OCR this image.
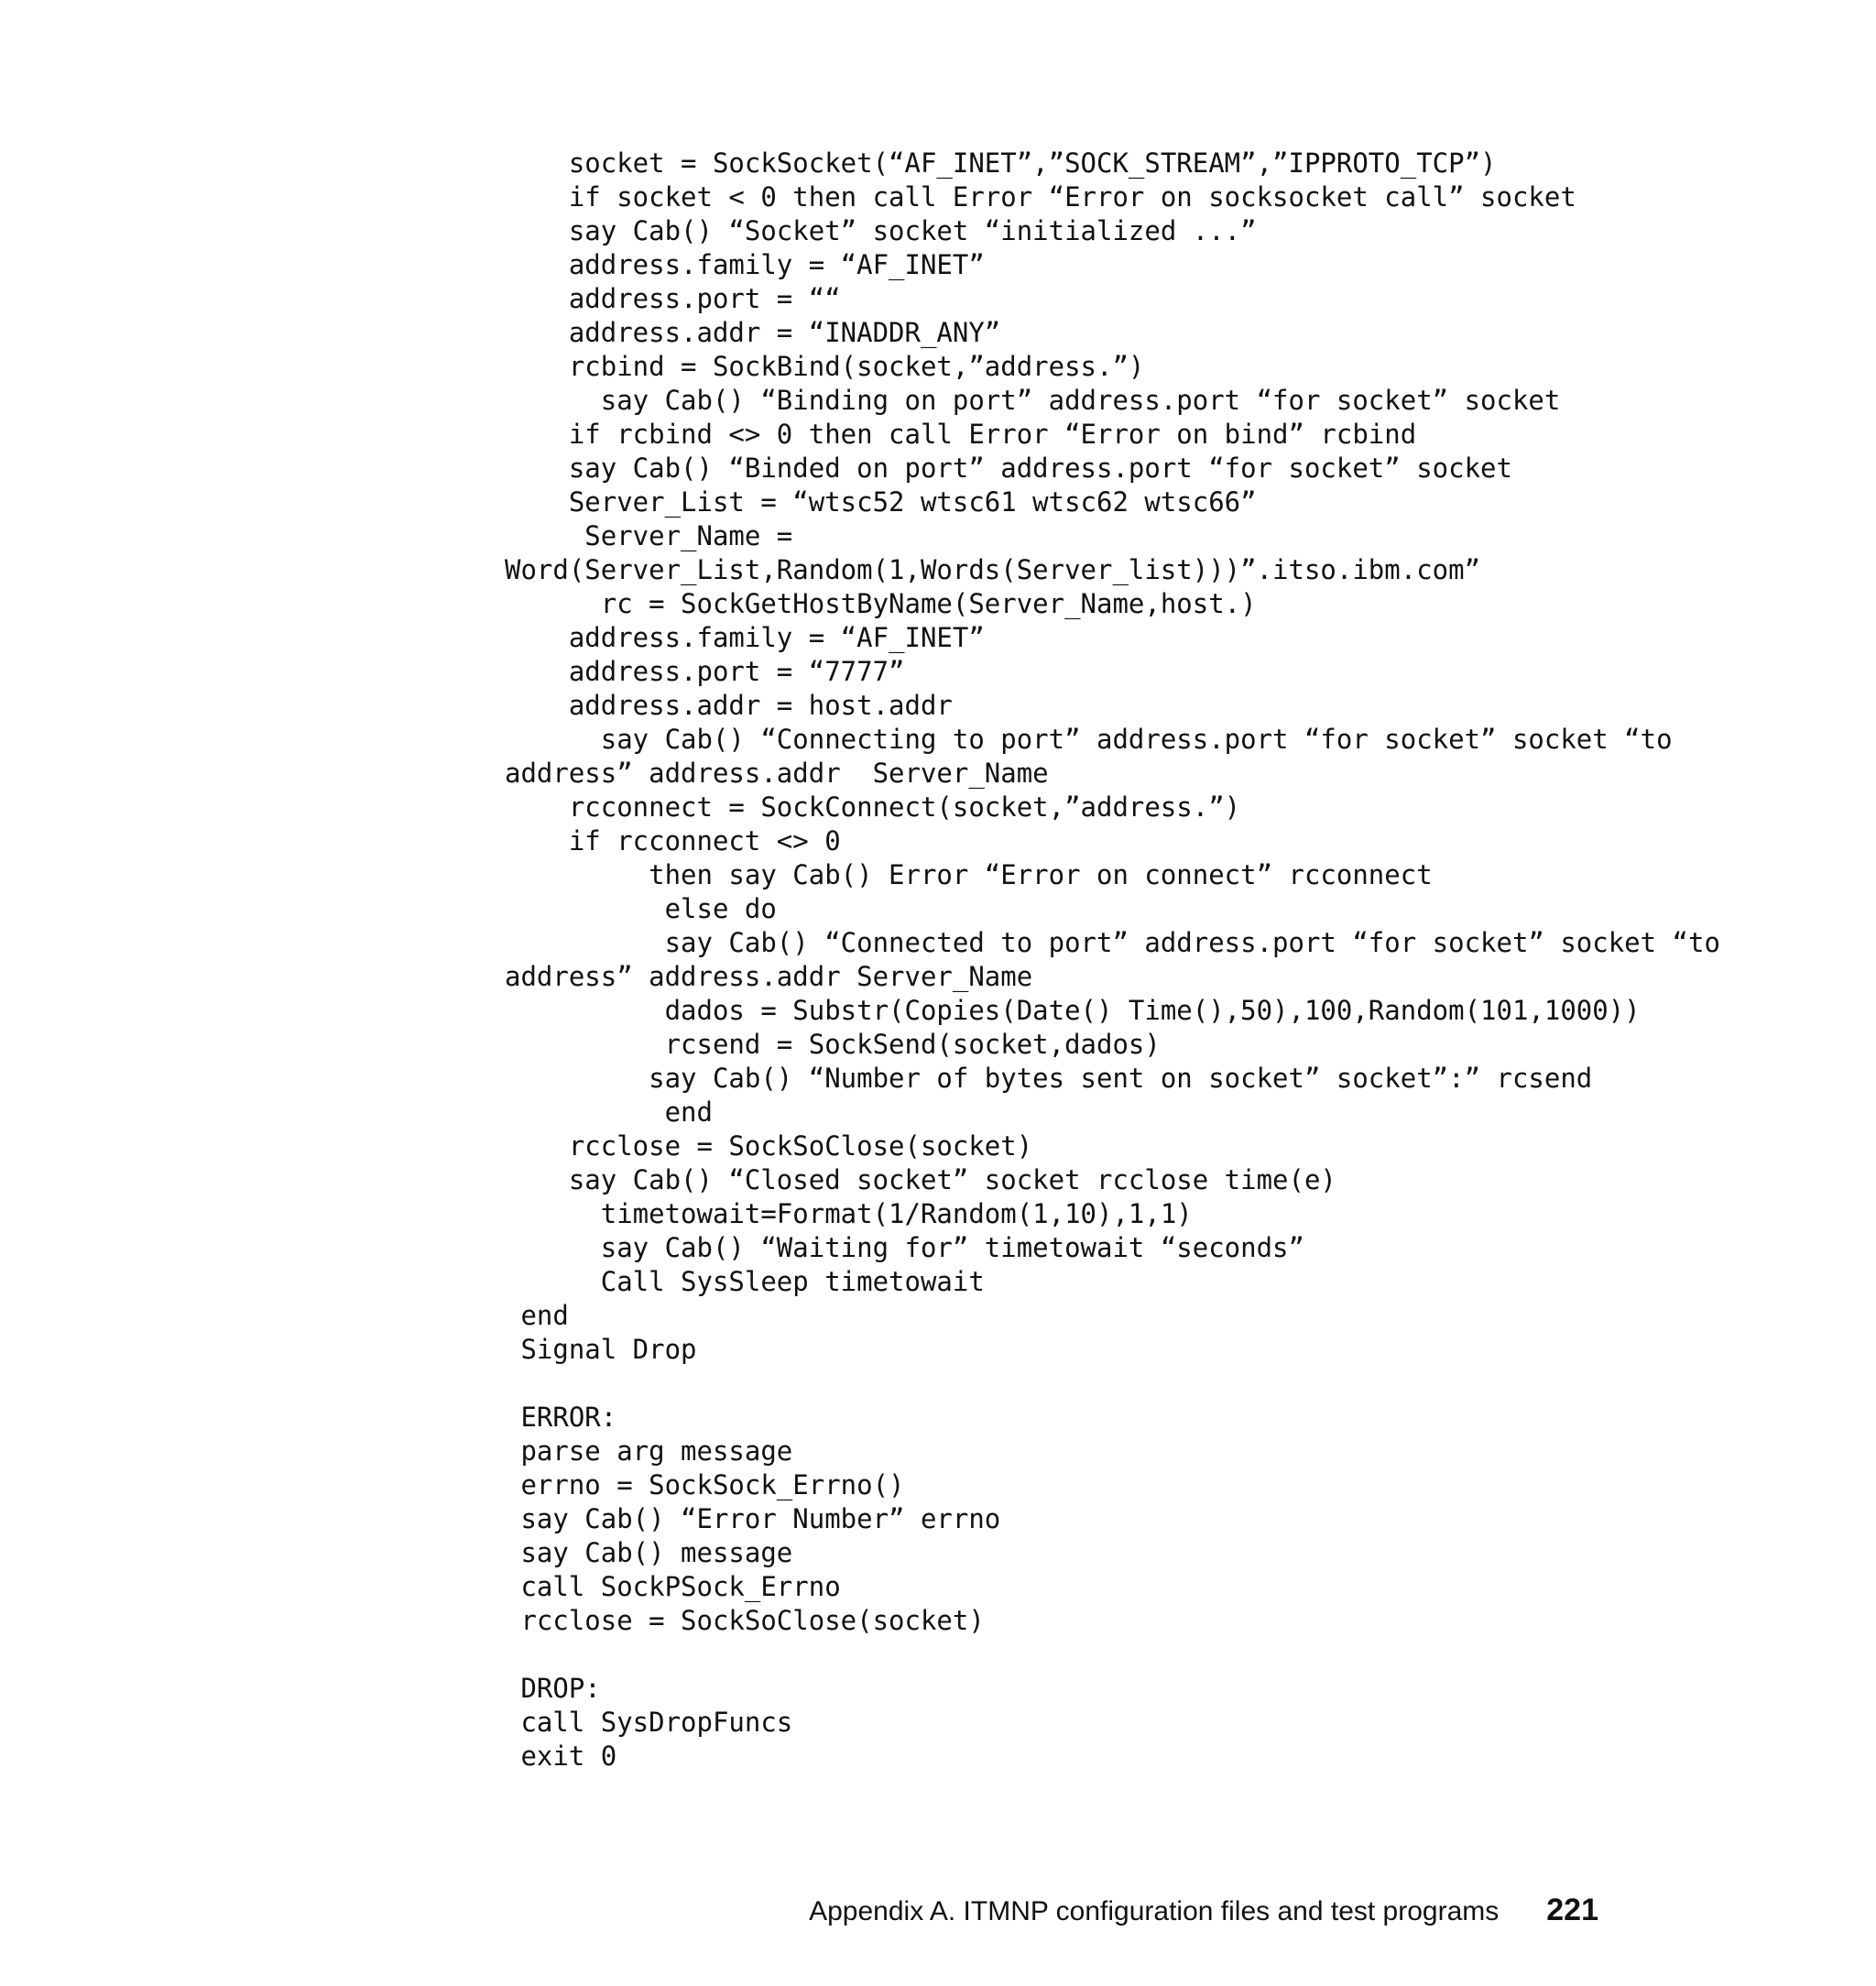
socket = SockSocket(“AF_INET”,”SOCK_STREAM”,”IPPROTO_TCP”)
if socket < 0 then call Error “Error on socksocket call” socket
say Cab() “Socket” socket “initialized ...”
address.family = “AF_INET”
address.port = ““
address.addr = “INADDR_ANY”
rcbind = SockBind(socket,”address.”)
say Cab() “Binding on port” address.port “for socket” socket
if rcbind <> 0 then call Error “Error on bind” rcbind
say Cab() “Binded on port” address.port “for socket” socket
Server_List = “wtsc52 wtsc61 wtsc62 wtsc66”
Server_Name =
Word(Server_List,Random(1,Words(Server_list)))”.itso.ibm.com”
rc = SockGetHostByName(Server_Name,host.)
address.family = “AF_INET”
address.port = “7777”
address.addr = host.addr
say Cab() “Connecting to port” address.port “for socket” socket “to
address” address.addr  Server_Name
rcconnect = SockConnect(socket,”address.”)
if rcconnect <> 0
then say Cab() Error “Error on connect” rcconnect
else do
say Cab() “Connected to port” address.port “for socket” socket “to
address” address.addr Server_Name
dados = Substr(Copies(Date() Time(),50),100,Random(101,1000))
rcsend = SockSend(socket,dados)
say Cab() “Number of bytes sent on socket” socket”:” rcsend
end
rcclose = SockSoClose(socket)
say Cab() “Closed socket” socket rcclose time(e)
timetowait=Format(1/Random(1,10),1,1)
say Cab() “Waiting for” timetowait “seconds”
Call SysSleep timetowait
end
Signal Drop
ERROR:
parse arg message
errno = SockSock_Errno()
say Cab() “Error Number” errno
say Cab() message
call SockPSock_Errno
rcclose = SockSoClose(socket)
DROP:
call SysDropFuncs
exit 0
Appendix A. ITMNP configuration files and test programs 221
